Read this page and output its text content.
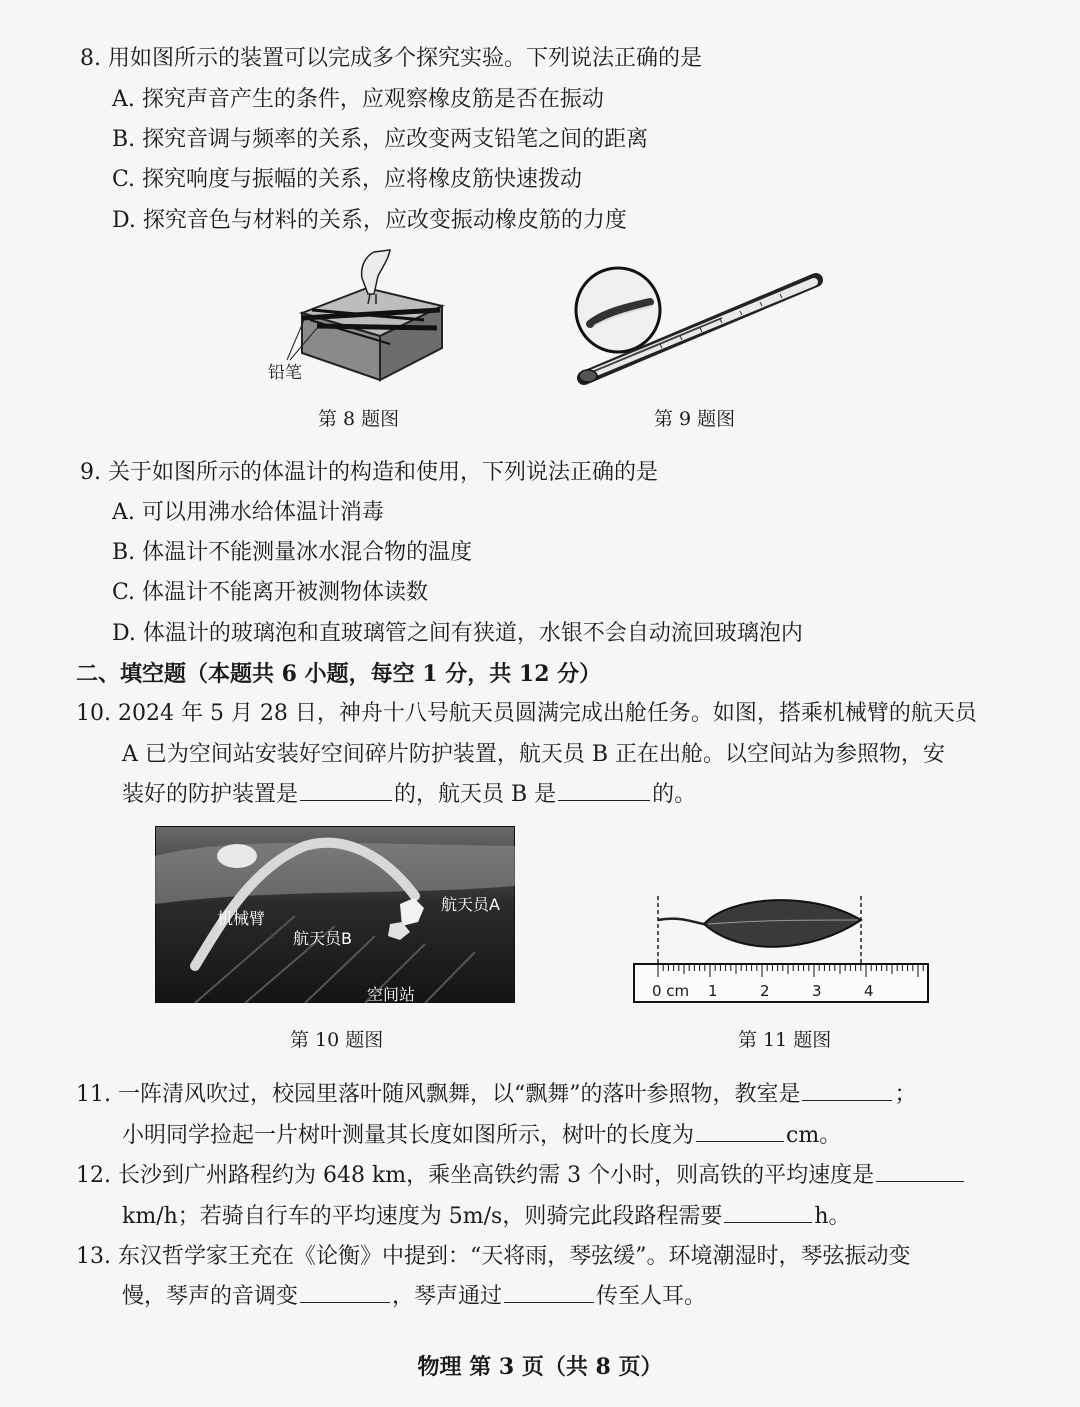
8. 用如图所示的装置可以完成多个探究实验。下列说法正确的是
A. 探究声音产生的条件，应观察橡皮筋是否在振动
B. 探究音调与频率的关系，应改变两支铅笔之间的距离
C. 探究响度与振幅的关系，应将橡皮筋快速拨动
D. 探究音色与材料的关系，应改变振动橡皮筋的力度
铅笔
第 8 题图	第 9 题图
9. 关于如图所示的体温计的构造和使用，下列说法正确的是
A. 可以用沸水给体温计消毒
B. 体温计不能测量冰水混合物的温度
C. 体温计不能离开被测物体读数
D. 体温计的玻璃泡和直玻璃管之间有狭道，水银不会自动流回玻璃泡内
二、填空题（本题共 6 小题，每空 1 分，共 12 分）
10. 2024 年 5 月 28 日，神舟十八号航天员圆满完成出舱任务。如图，搭乘机械臂的航天员
A 已为空间站安装好空间碎片防护装置，航天员 B 正在出舱。以空间站为参照物，安
装好的防护装置是	的，航天员 B 是	的。
机械臂
航天员A
航天员B
空间站
第 10 题图
0 cm 1	2	3	4
第 11 题图
11. 一阵清风吹过，校园里落叶随风飘舞，以“飘舞”的落叶参照物，教室是	；
小明同学捡起一片树叶测量其长度如图所示，树叶的长度为	cm。
12. 长沙到广州路程约为 648 km，乘坐高铁约需 3 个小时，则高铁的平均速度是
km/h；若骑自行车的平均速度为 5m/s，则骑完此段路程需要	h。
13. 东汉哲学家王充在《论衡》中提到：“天将雨，琴弦缓”。环境潮湿时，琴弦振动变
慢，琴声的音调变	，琴声通过	传至人耳。
物理 第 3 页（共 8 页）
